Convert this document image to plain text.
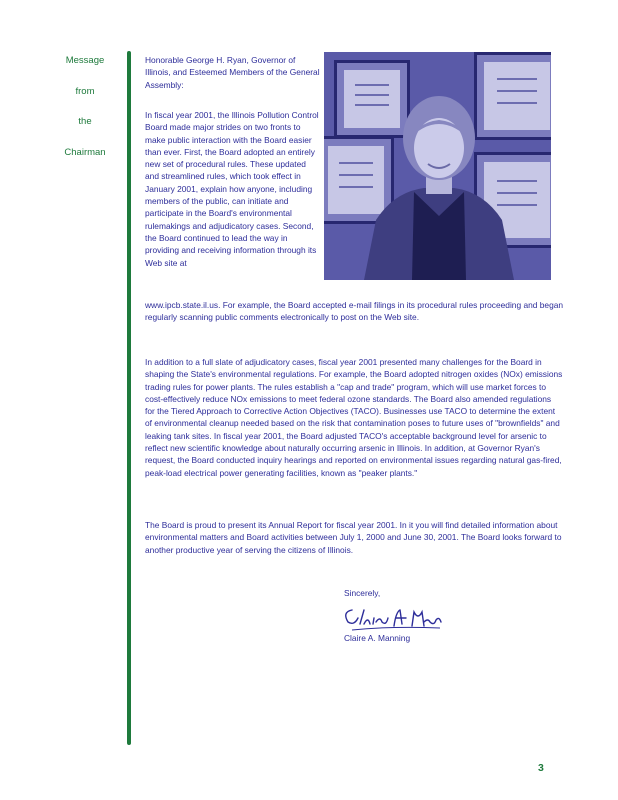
Message
from
the
Chairman

Honorable George H. Ryan, Governor of Illinois, and Esteemed Members of the General Assembly:

In fiscal year 2001, the Illinois Pollution Control Board made major strides on two fronts to make public interaction with the Board easier than ever. First, the Board adopted an entirely new set of procedural rules. These updated and streamlined rules, which took effect in January 2001, explain how anyone, including members of the public, can initiate and participate in the Board's environmental rulemakings and adjudicatory cases. Second, the Board continued to lead the way in providing and receiving information through its Web site at

www.ipcb.state.il.us. For example, the Board accepted e-mail filings in its procedural rules proceeding and began regularly scanning public comments electronically to post on the Web site.

In addition to a full slate of adjudicatory cases, fiscal year 2001 presented many challenges for the Board in shaping the State's environmental regulations. For example, the Board adopted nitrogen oxides (NOx) emissions trading rules for power plants. The rules establish a "cap and trade" program, which will use market forces to cost-effectively reduce NOx emissions to meet federal ozone standards. The Board also amended regulations for the Tiered Approach to Corrective Action Objectives (TACO). Businesses use TACO to determine the extent of environmental cleanup needed based on the risk that contamination poses to future uses of "brownfields" and leaking tank sites. In fiscal year 2001, the Board adjusted TACO's acceptable background level for arsenic to reflect new scientific knowledge about naturally occurring arsenic in Illinois. In addition, at Governor Ryan's request, the Board conducted inquiry hearings and reported on environmental issues regarding natural gas-fired, peak-load electrical power generating facilities, known as "peaker plants."

The Board is proud to present its Annual Report for fiscal year 2001. In it you will find detailed information about environmental matters and Board activities between July 1, 2000 and June 30, 2001. The Board looks forward to another productive year of serving the citizens of Illinois.

Sincerely,

Claire A. Manning

3
